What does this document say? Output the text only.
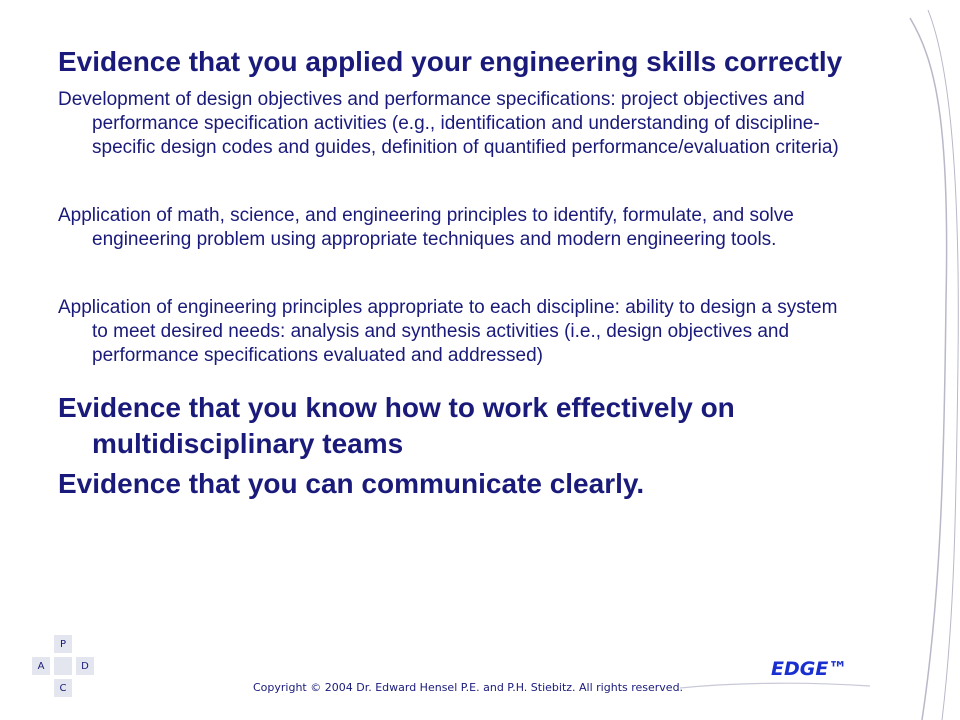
Evidence that you applied your engineering skills correctly

Development of design objectives and performance specifications: project objectives and performance specification activities (e.g., identification and understanding of discipline-specific design codes and guides, definition of quantified performance/evaluation criteria)

Application of math, science, and engineering principles to identify, formulate, and solve engineering problem using appropriate techniques and modern engineering tools.

Application of engineering principles appropriate to each discipline: ability to design a system to meet desired needs: analysis and synthesis activities (i.e., design objectives and performance specifications evaluated and addressed)

Evidence that you know how to work effectively on multidisciplinary teams

Evidence that you can communicate clearly.

P
A	D
C
EDGE™
Copyright © 2004 Dr. Edward Hensel P.E. and P.H. Stiebitz. All rights reserved.
